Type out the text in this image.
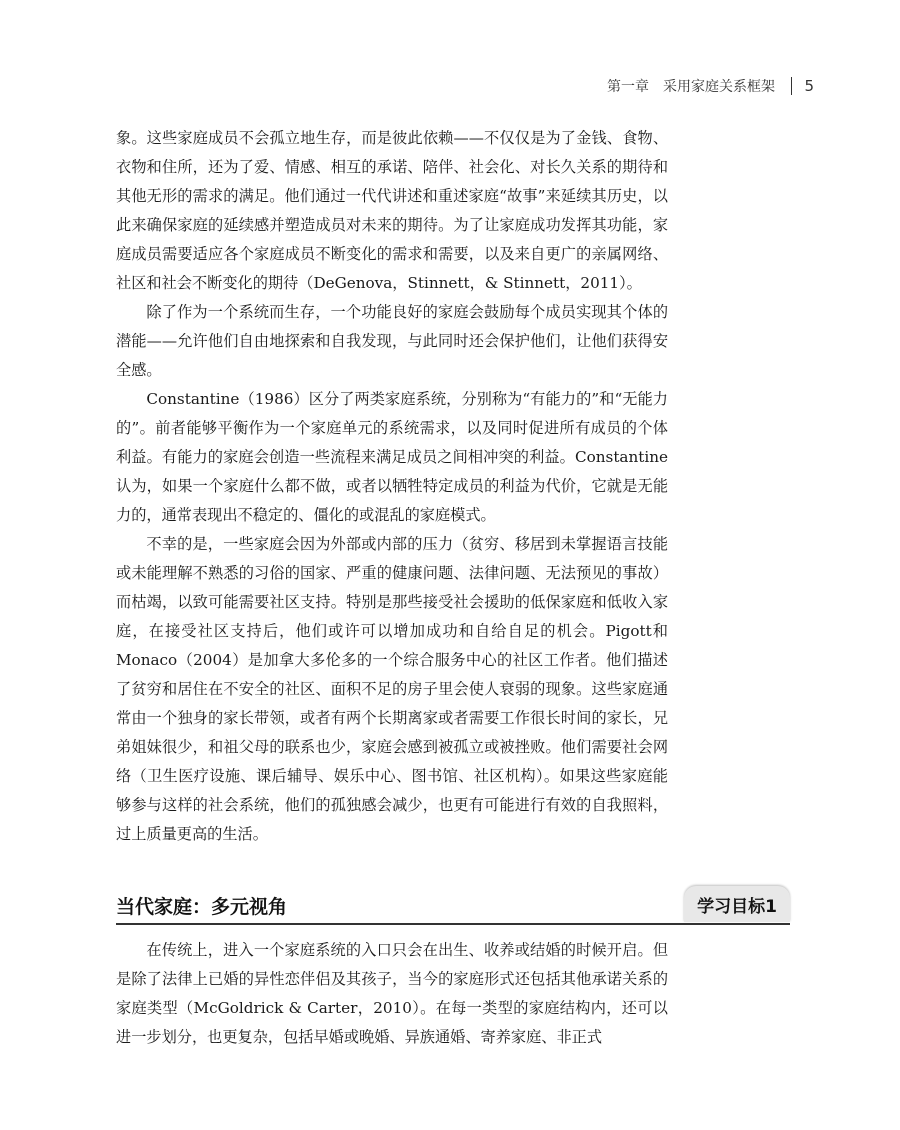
第一章　采用家庭关系框架 5

象。这些家庭成员不会孤立地生存，而是彼此依赖——不仅仅是为了金钱、食物、衣物和住所，还为了爱、情感、相互的承诺、陪伴、社会化、对长久关系的期待和其他无形的需求的满足。他们通过一代代讲述和重述家庭“故事”来延续其历史，以此来确保家庭的延续感并塑造成员对未来的期待。为了让家庭成功发挥其功能，家庭成员需要适应各个家庭成员不断变化的需求和需要，以及来自更广的亲属网络、社区和社会不断变化的期待（DeGenova，Stinnett，& Stinnett，2011）。

除了作为一个系统而生存，一个功能良好的家庭会鼓励每个成员实现其个体的潜能——允许他们自由地探索和自我发现，与此同时还会保护他们，让他们获得安全感。

Constantine（1986）区分了两类家庭系统，分别称为“有能力的”和“无能力的”。前者能够平衡作为一个家庭单元的系统需求，以及同时促进所有成员的个体利益。有能力的家庭会创造一些流程来满足成员之间相冲突的利益。Constantine认为，如果一个家庭什么都不做，或者以牺牲特定成员的利益为代价，它就是无能力的，通常表现出不稳定的、僵化的或混乱的家庭模式。

不幸的是，一些家庭会因为外部或内部的压力（贫穷、移居到未掌握语言技能或未能理解不熟悉的习俗的国家、严重的健康问题、法律问题、无法预见的事故）而枯竭，以致可能需要社区支持。特别是那些接受社会援助的低保家庭和低收入家庭，在接受社区支持后，他们或许可以增加成功和自给自足的机会。Pigott和Monaco（2004）是加拿大多伦多的一个综合服务中心的社区工作者。他们描述了贫穷和居住在不安全的社区、面积不足的房子里会使人衰弱的现象。这些家庭通常由一个独身的家长带领，或者有两个长期离家或者需要工作很长时间的家长，兄弟姐妹很少，和祖父母的联系也少，家庭会感到被孤立或被挫败。他们需要社会网络（卫生医疗设施、课后辅导、娱乐中心、图书馆、社区机构）。如果这些家庭能够参与这样的社会系统，他们的孤独感会减少，也更有可能进行有效的自我照料，过上质量更高的生活。

当代家庭：多元视角	学习目标1

在传统上，进入一个家庭系统的入口只会在出生、收养或结婚的时候开启。但是除了法律上已婚的异性恋伴侣及其孩子，当今的家庭形式还包括其他承诺关系的家庭类型（McGoldrick & Carter，2010）。在每一类型的家庭结构内，还可以进一步划分，也更复杂，包括早婚或晚婚、异族通婚、寄养家庭、非正式
